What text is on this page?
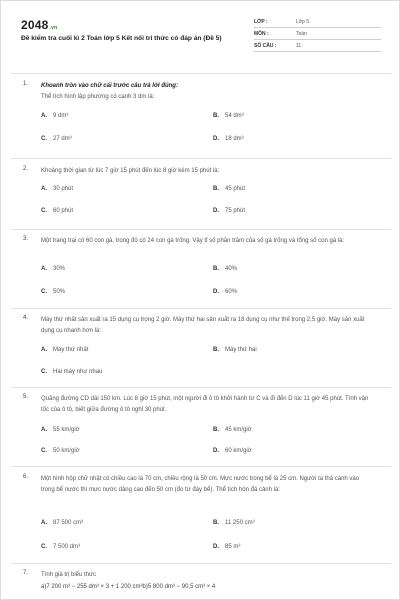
2048.vn
Đề kiểm tra cuối kì 2 Toán lớp 5 Kết nối tri thức có đáp án (Đề 5)
LỚP :	Lớp 5
MÔN :	Toán
SỐ CÂU :	11
1. Khoanh tròn vào chữ cái trước câu trả lời đúng:
Thể tích hình lập phương có cạnh 3 dm là:
A. 9 dm³	B. 54 dm³
C. 27 dm³	D. 18 dm³
2. Khoảng thời gian từ lúc 7 giờ 15 phút đến lúc 8 giờ kém 15 phút là:
A. 30 phút	B. 45 phút
C. 60 phút	D. 75 phút
3. Một trang trại có 60 con gà, trong đó có 24 con gà trống. Vậy tỉ số phần trăm của số gà trống và tổng số con gà là:
A. 30%	B. 40%
C. 50%	D. 60%
4. Máy thứ nhất sản xuất ra 15 dụng cụ trong 2 giờ. Máy thứ hai sản xuất ra 18 dụng cụ như thế trong 2,5 giờ. Máy sản xuất dụng cụ nhanh hơn là:
A. Máy thứ nhất	B. Máy thứ hai
C. Hai máy như nhau
5. Quãng đường CD dài 150 km. Lúc 8 giờ 15 phút, một người đi ô tô khởi hành từ C và đi đến D lúc 11 giờ 45 phút. Tính vận tốc của ô tô, biết giữa đường ô tô nghỉ 30 phút.
A. 55 km/giờ	B. 45 km/giờ
C. 50 km/giờ	D. 60 km/giờ
6. Một hình hộp chữ nhật có chiều cao là 70 cm, chiều rộng là 50 cm. Mực nước trong bể là 25 cm. Người ta thả cánh vào trong bể nước thì mực nước dâng cao đến 50 cm (đo từ đáy bể). Thể tích hòn đá cảnh là:
A. 87 500 cm³	B. 11 250 cm³
C. 7 500 dm³	D. 85 m³
7. Tính giá trị biểu thức
a)7 200 m³ − 255 dm³ × 3 + 1 200 cm³b)5 800 dm³ − 90,5 cm³ × 4
